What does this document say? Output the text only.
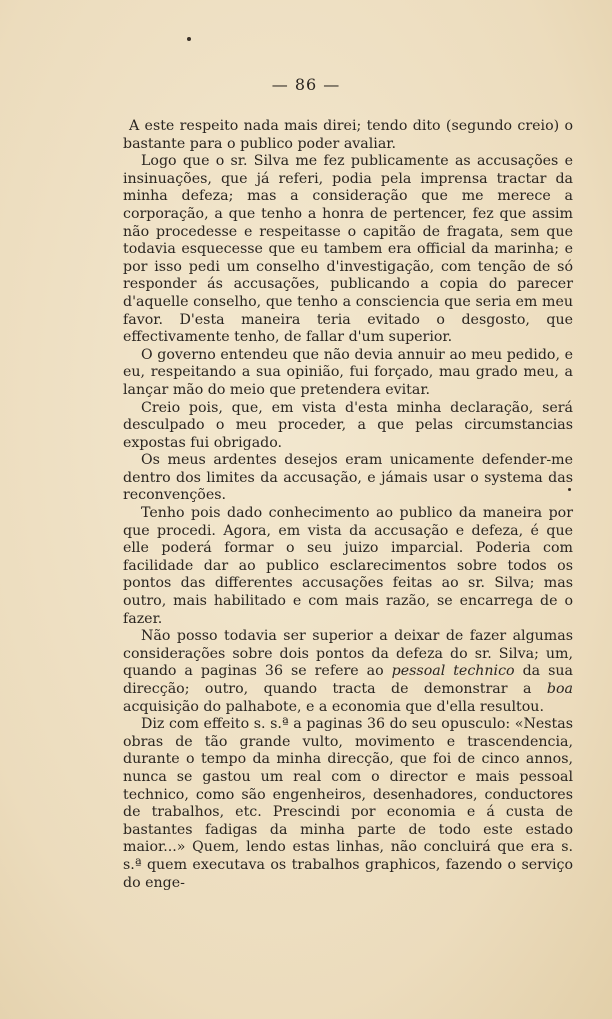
— 86 —

A este respeito nada mais direi; tendo dito (segundo creio) o bastante para o publico poder avaliar.

Logo que o sr. Silva me fez publicamente as accusações e insinuações, que já referi, podia pela imprensa tractar da minha defeza; mas a consideração que me merece a corporação, a que tenho a honra de pertencer, fez que assim não procedesse e respeitasse o capitão de fragata, sem que todavia esquecesse que eu tambem era official da marinha; e por isso pedi um conselho d'investigação, com tenção de só responder ás accusações, publicando a copia do parecer d'aquelle conselho, que tenho a consciencia que seria em meu favor. D'esta maneira teria evitado o desgosto, que effectivamente tenho, de fallar d'um superior.

O governo entendeu que não devia annuir ao meu pedido, e eu, respeitando a sua opinião, fui forçado, mau grado meu, a lançar mão do meio que pretendera evitar.

Creio pois, que, em vista d'esta minha declaração, será desculpado o meu proceder, a que pelas circumstancias expostas fui obrigado.

Os meus ardentes desejos eram unicamente defender-me dentro dos limites da accusação, e jámais usar o systema das reconvenções.

Tenho pois dado conhecimento ao publico da maneira por que procedi. Agora, em vista da accusação e defeza, é que elle poderá formar o seu juizo imparcial. Poderia com facilidade dar ao publico esclarecimentos sobre todos os pontos das differentes accusações feitas ao sr. Silva; mas outro, mais habilitado e com mais razão, se encarrega de o fazer.

Não posso todavia ser superior a deixar de fazer algumas considerações sobre dois pontos da defeza do sr. Silva; um, quando a paginas 36 se refere ao pessoal technico da sua direcção; outro, quando tracta de demonstrar a boa acquisição do palhabote, e a economia que d'ella resultou.

Diz com effeito s. s.ª a paginas 36 do seu opusculo: «Nestas obras de tão grande vulto, movimento e trascendencia, durante o tempo da minha direcção, que foi de cinco annos, nunca se gastou um real com o director e mais pessoal technico, como são engenheiros, desenhadores, conductores de trabalhos, etc. Prescindi por economia e á custa de bastantes fadigas da minha parte de todo este estado maior...» Quem, lendo estas linhas, não concluirá que era s. s.ª quem executava os trabalhos graphicos, fazendo o serviço do enge-
